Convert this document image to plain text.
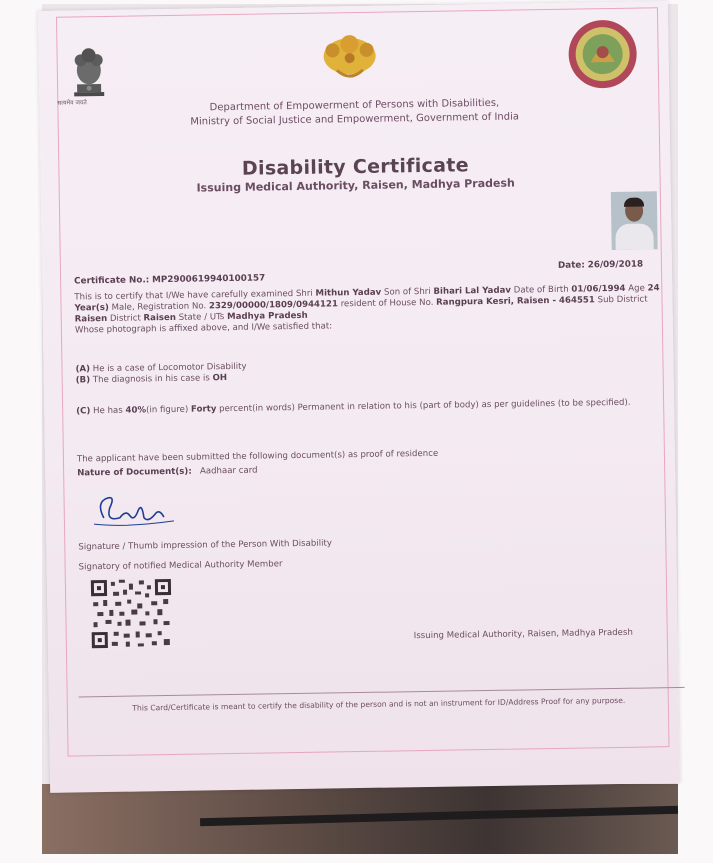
सत्यमेव जयते	Department of Empowerment of Persons with Disabilities,
Ministry of Social Justice and Empowerment, Government of India
Disability Certificate
Issuing Medical Authority, Raisen, Madhya Pradesh
Certificate No.: MP2900619940100157
Date: 26/09/2018
This is to certify that I/We have carefully examined Shri Mithun Yadav Son of Shri Bihari Lal Yadav Date of Birth 01/06/1994 Age 24 Year(s) Male, Registration No. 2329/00000/1809/0944121 resident of House No. Rangpura Kesri, Raisen - 464551 Sub District Raisen District Raisen State / UTs Madhya Pradesh
Whose photograph is affixed above, and I/We satisfied that:
(A) He is a case of Locomotor Disability
(B) The diagnosis in his case is OH
(C) He has 40%(in figure) Forty percent(in words) Permanent in relation to his (part of body) as per guidelines (to be specified).
The applicant have been submitted the following document(s) as proof of residence
Nature of Document(s): Aadhaar card
Signature / Thumb impression of the Person With Disability
Signatory of notified Medical Authority Member
Issuing Medical Authority, Raisen, Madhya Pradesh
This Card/Certificate is meant to certify the disability of the person and is not an instrument for ID/Address Proof for any purpose.
